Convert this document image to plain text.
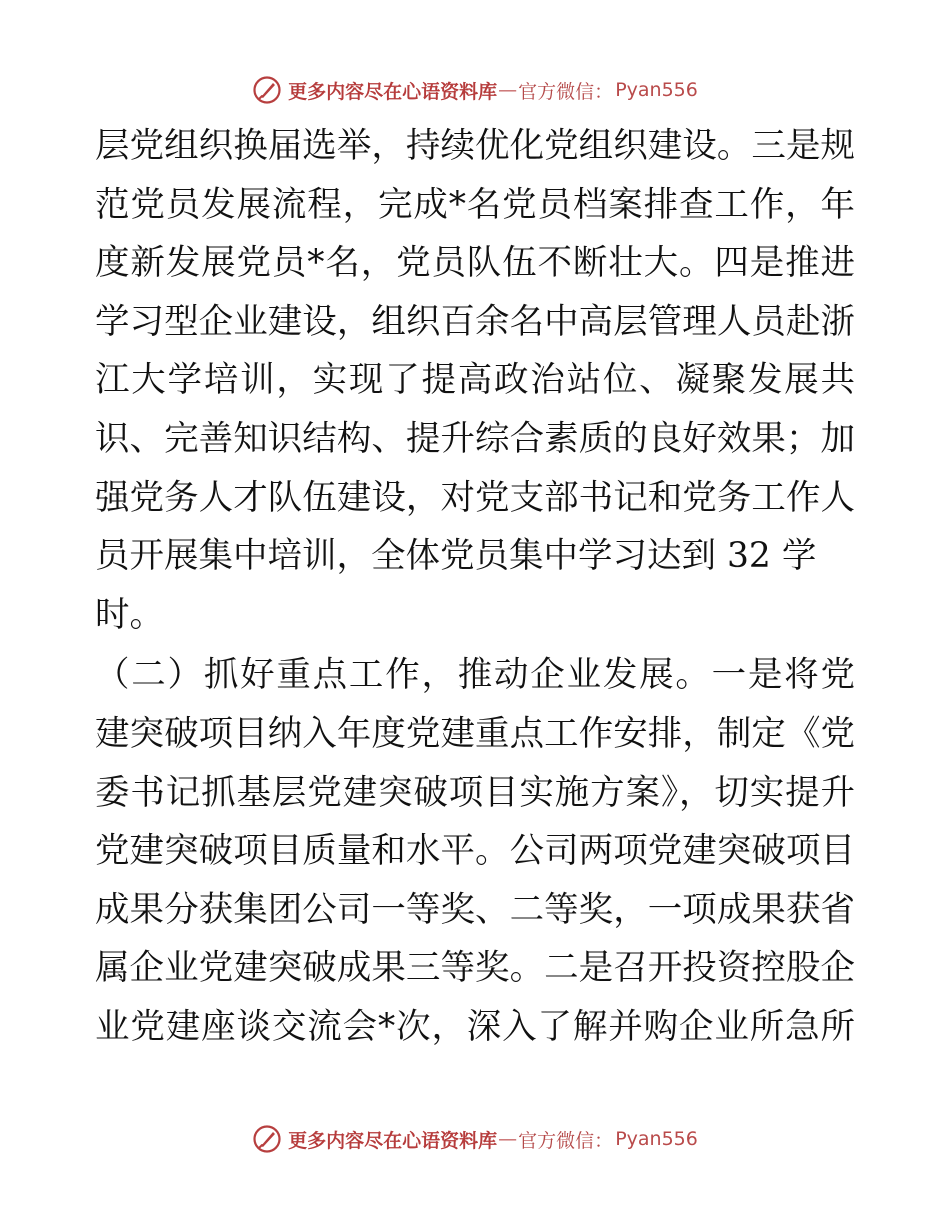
更多内容尽在心语资料库 — 官方微信： Pyan556
层党组织换届选举，持续优化党组织建设。三是规
范党员发展流程，完成*名党员档案排查工作，年
度新发展党员*名，党员队伍不断壮大。四是推进
学习型企业建设，组织百余名中高层管理人员赴浙
江大学培训，实现了提高政治站位、凝聚发展共
识、完善知识结构、提升综合素质的良好效果；加
强党务人才队伍建设，对党支部书记和党务工作人
员开展集中培训，全体党员集中学习达到 32 学
时。
（二）抓好重点工作，推动企业发展。一是将党
建突破项目纳入年度党建重点工作安排，制定《党
委书记抓基层党建突破项目实施方案》，切实提升
党建突破项目质量和水平。公司两项党建突破项目
成果分获集团公司一等奖、二等奖，一项成果获省
属企业党建突破成果三等奖。二是召开投资控股企
业党建座谈交流会*次，深入了解并购企业所急所
更多内容尽在心语资料库 — 官方微信： Pyan556
